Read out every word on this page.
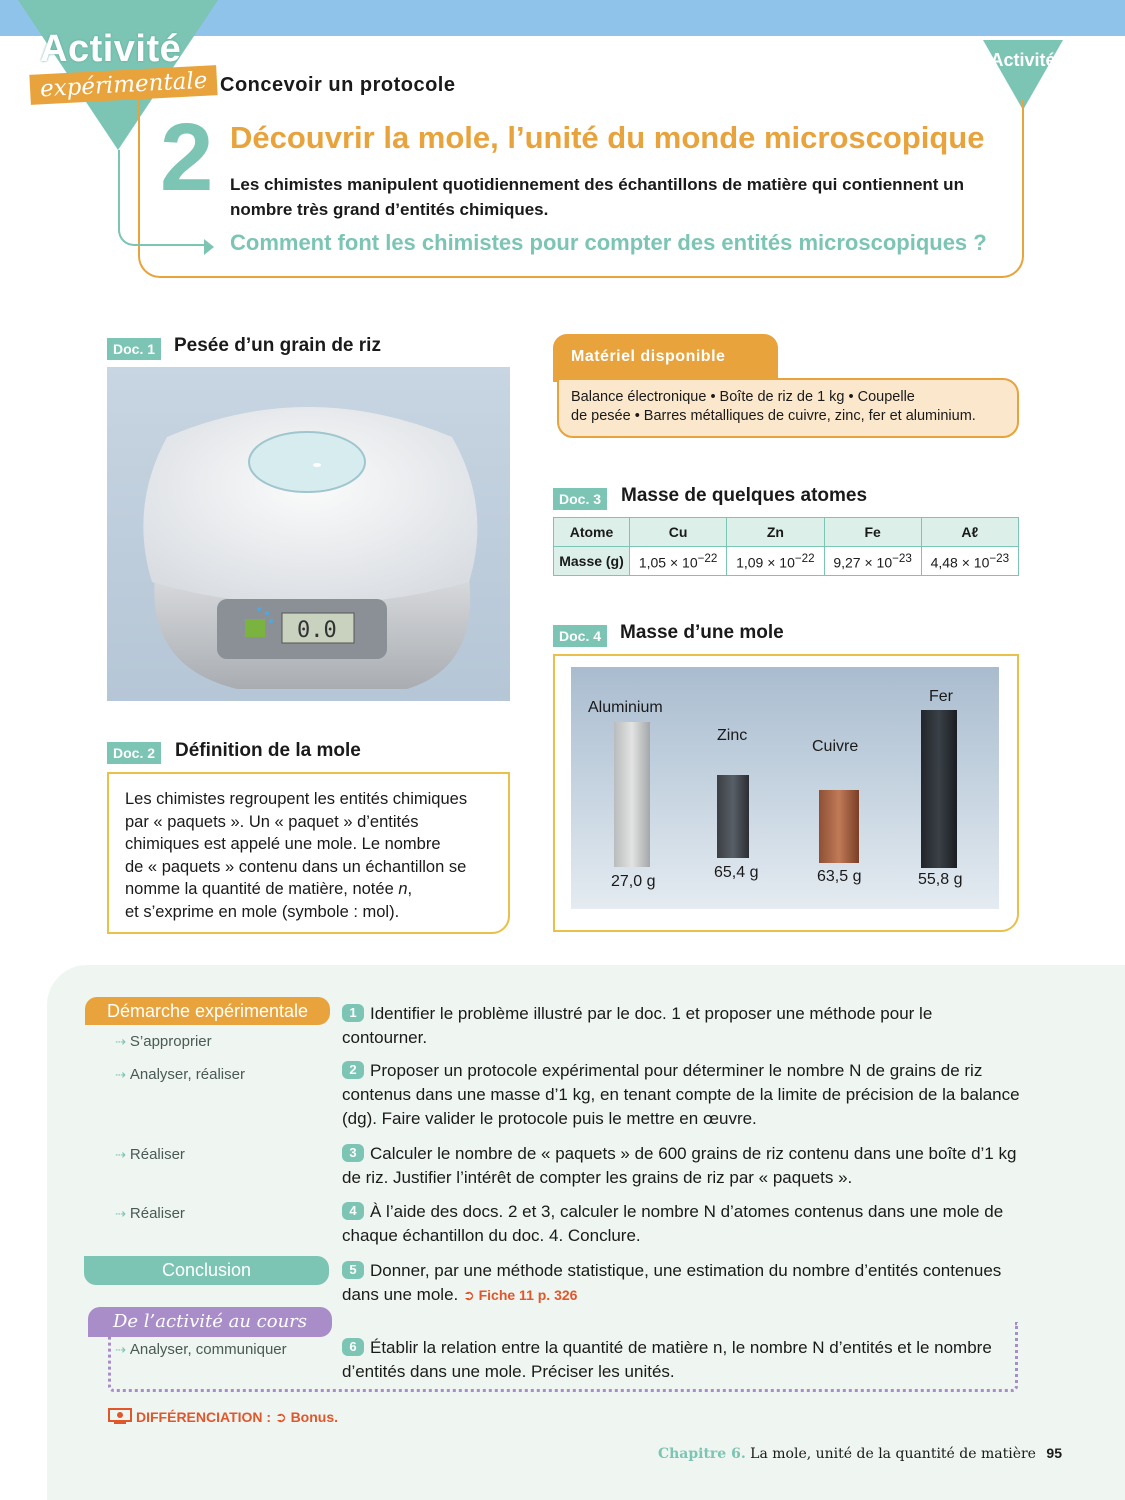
Activité
expérimentale
Activité
Concevoir un protocole
2 Découvrir la mole, l’unité du monde microscopique
Les chimistes manipulent quotidiennement des échantillons de matière qui contiennent un nombre très grand d’entités chimiques.
Comment font les chimistes pour compter des entités microscopiques ?
Doc. 1 Pesée d’un grain de riz
0.0
Doc. 2	Définition de la mole
Les chimistes regroupent les entités chimiques
par « paquets ». Un « paquet » d’entités
chimiques est appelé une mole. Le nombre
de « paquets » contenu dans un échantillon se
nomme la quantité de matière, notée n,
et s’exprime en mole (symbole : mol).
Matériel disponible
Balance électronique • Boîte de riz de 1 kg • Coupelle
de pesée • Barres métalliques de cuivre, zinc, fer et aluminium.
Doc. 3	Masse de quelques atomes
Atome	Cu	Zn	Fe	Aℓ
Masse (g)	$1,05 \times 10^{-22}$	$1,09 \times 10^{-22}$	$9,27 \times 10^{-23}$	$4,48 \times 10^{-23}$
Doc. 4 Masse d’une mole
Aluminium
Zinc
Cuivre
Fer
27,0 g
65,4 g	63,5 g	55,8 g
Démarche expérimentale
Conclusion
De l’activité au cours
⇢ S’approprier
⇢ Analyser, réaliser
⇢ Réaliser
⇢ Réaliser
⇢ Analyser, communiquer
1 Identifier le problème illustré par le doc. 1 et proposer une méthode pour le contourner.
2 Proposer un protocole expérimental pour déterminer le nombre N de grains de riz contenus dans une masse d’1 kg, en tenant compte de la limite de précision de la balance (dg). Faire valider le protocole puis le mettre en œuvre.
3 Calculer le nombre de « paquets » de 600 grains de riz contenu dans une boîte d’1 kg de riz. Justifier l’intérêt de compter les grains de riz par « paquets ».
4 À l’aide des docs. 2 et 3, calculer le nombre N d’atomes contenus dans une mole de chaque échantillon du doc. 4. Conclure.
5 Donner, par une méthode statistique, une estimation du nombre d’entités contenues dans une mole. ➲ Fiche 11 p. 326
6 Établir la relation entre la quantité de matière n, le nombre N d’entités et le nombre d’entités dans une mole. Préciser les unités.
DIFFÉRENCIATION : ➲ Bonus.
Chapitre 6. La mole, unité de la quantité de matière 95
